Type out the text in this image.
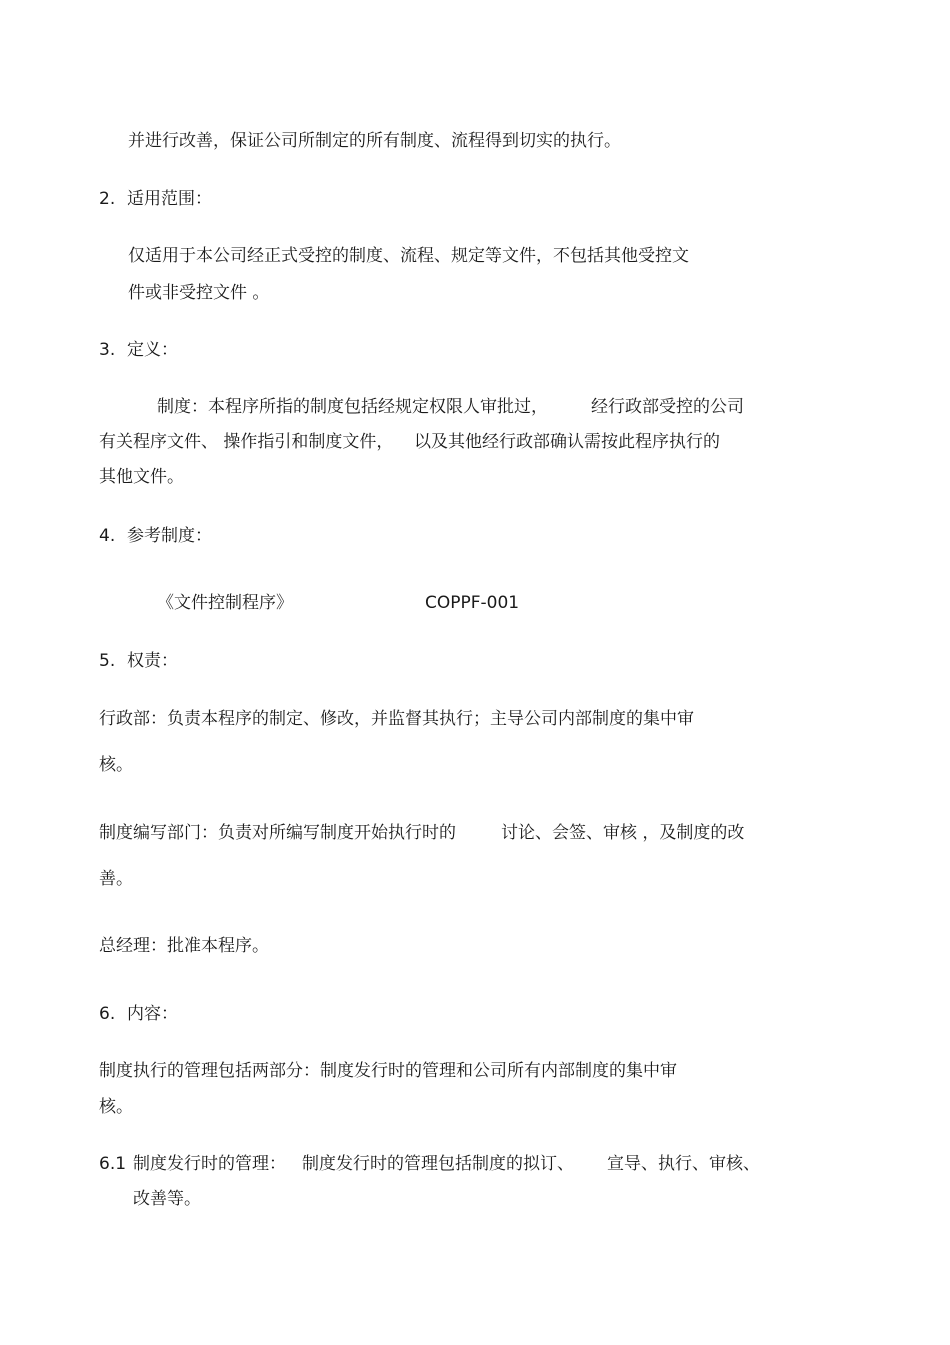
并进行改善，保证公司所制定的所有制度、流程得到切实的执行。
2. 适用范围：
仅适用于本公司经正式受控的制度、流程、规定等文件，不包括其他受控文
件或非受控文件 。
3. 定义：
制度：本程序所指的制度包括经规定权限人审批过，	经行政部受控的公司
有关程序文件、 操作指引和制度文件， 以及其他经行政部确认需按此程序执行的
其他文件。
4. 参考制度：
《文件控制程序》	COPPF-001
5. 权责：
行政部：负责本程序的制定、修改，并监督其执行；主导公司内部制度的集中审
核。
制度编写部门：负责对所编写制度开始执行时的	讨论、会签、审核 ，及制度的改
善。
总经理：批准本程序。
6. 内容：
制度执行的管理包括两部分：制度发行时的管理和公司所有内部制度的集中审
核。
6.1 制度发行时的管理： 制度发行时的管理包括制度的拟订、 宣导、执行、审核、
改善等。
